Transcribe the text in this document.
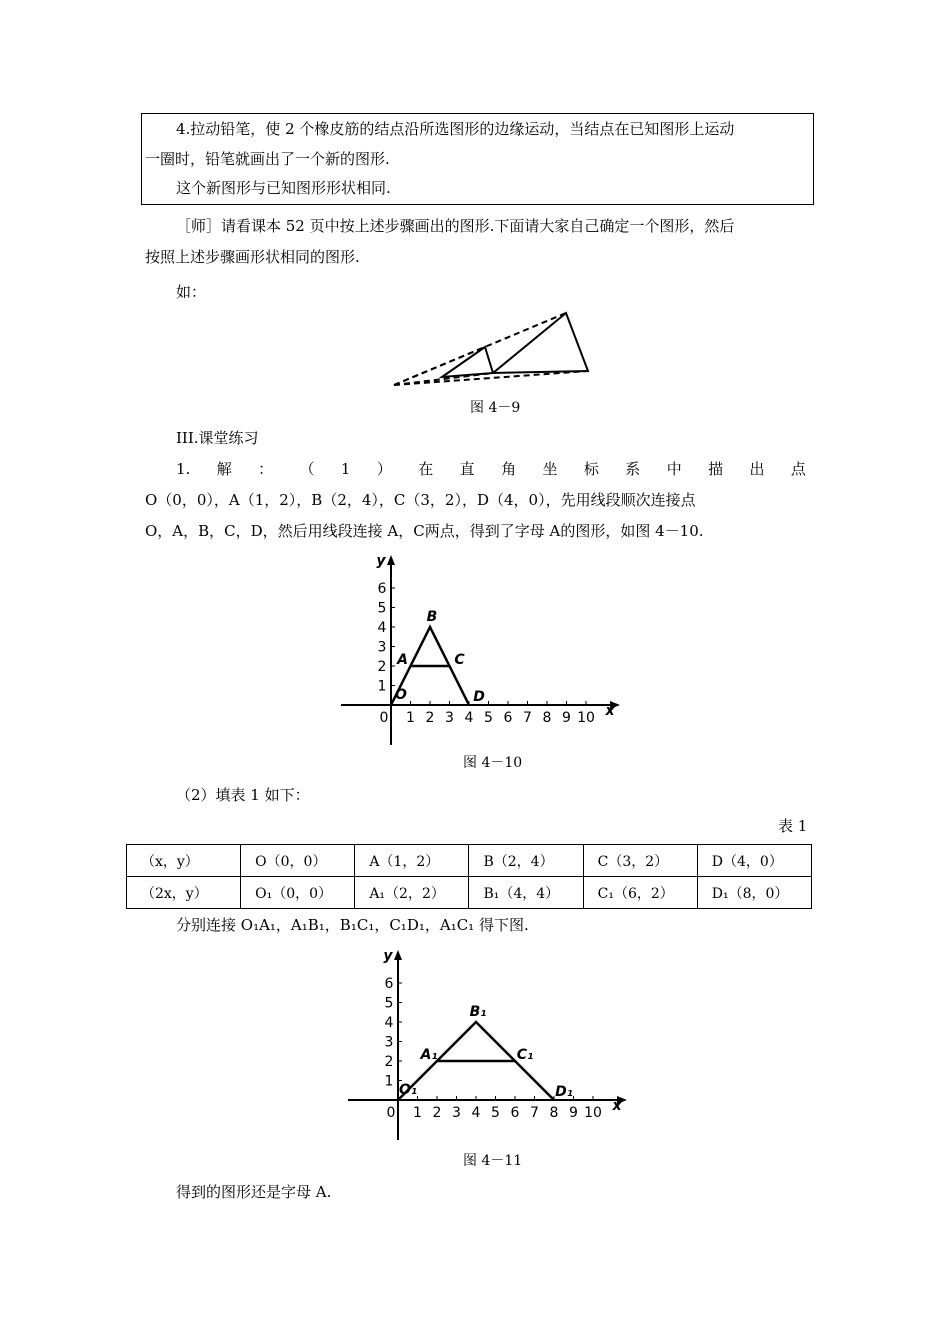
4.拉动铅笔，使 2 个橡皮筋的结点沿所选图形的边缘运动，当结点在已知图形上运动
一圈时，铅笔就画出了一个新的图形.
这个新图形与已知图形形状相同.
［师］请看课本 52 页中按上述步骤画出的图形.下面请大家自己确定一个图形，然后
按照上述步骤画形状相同的图形.
如：
图 4－9
III.课堂练习
1. 解 ： （ 1 ） 在 直 角 坐 标 系 中 描 出 点
O（0，0），A（1，2），B（2，4），C（3，2），D（4，0），先用线段顺次连接点
O，A，B，C，D，然后用线段连接 A，C两点，得到了字母 A的图形，如图 4－10.
x
y
0 1 2 3 4 5 6 7 8 9 10
1
2
3
4
5
6
O
A
B
C
D
图 4－10
（2）填表 1 如下：
表 1
（x，y）	O（0，0）	A（1，2）	B（2，4）	C（3，2）	D（4，0）
（2x，y）	O₁（0，0）	A₁（2，2）	B₁（4，4）	C₁（6，2）	D₁（8，0）
分别连接 O₁A₁，A₁B₁，B₁C₁，C₁D₁，A₁C₁ 得下图.
x
y
0 1 2 3 4 5 6 7 8 9 10
1
2
3
4
5
6
O₁
A₁
B₁
C₁
D₁
图 4－11
得到的图形还是字母 A.
